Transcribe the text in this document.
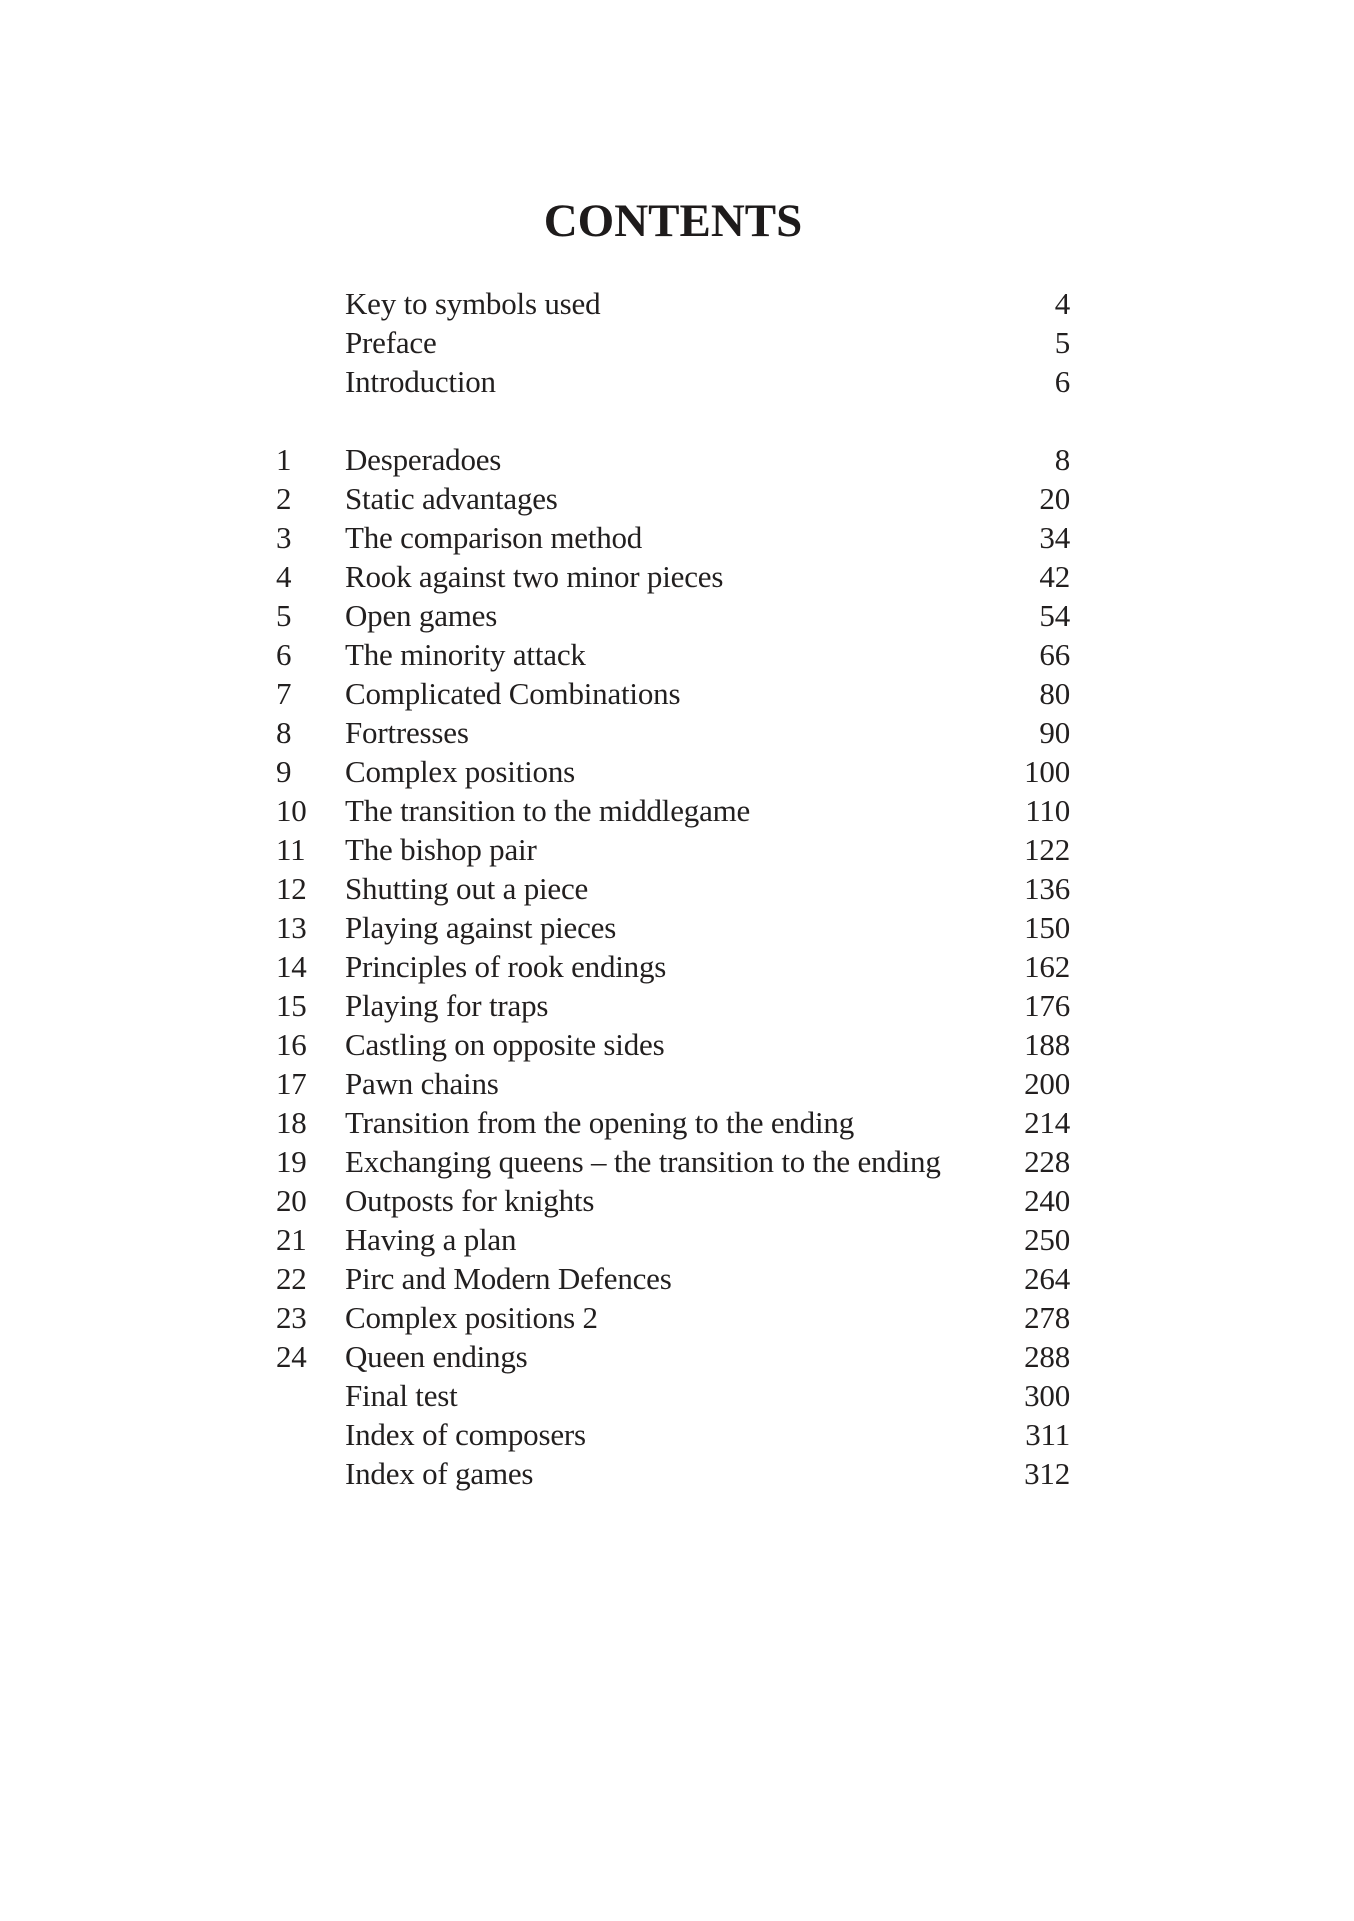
CONTENTS
Key to symbols used	4
Preface	5
Introduction	6
1 Desperadoes	8
2 Static advantages	20
3 The comparison method	34
4 Rook against two minor pieces	42
5 Open games	54
6 The minority attack	66
7 Complicated Combinations	80
8 Fortresses	90
9 Complex positions	100
10 The transition to the middlegame	110
11 The bishop pair	122
12 Shutting out a piece	136
13 Playing against pieces	150
14 Principles of rook endings	162
15 Playing for traps	176
16 Castling on opposite sides	188
17 Pawn chains	200
18 Transition from the opening to the ending	214
19 Exchanging queens – the transition to the ending	228
20 Outposts for knights	240
21 Having a plan	250
22 Pirc and Modern Defences	264
23 Complex positions 2	278
24 Queen endings	288
Final test	300
Index of composers	311
Index of games	312
